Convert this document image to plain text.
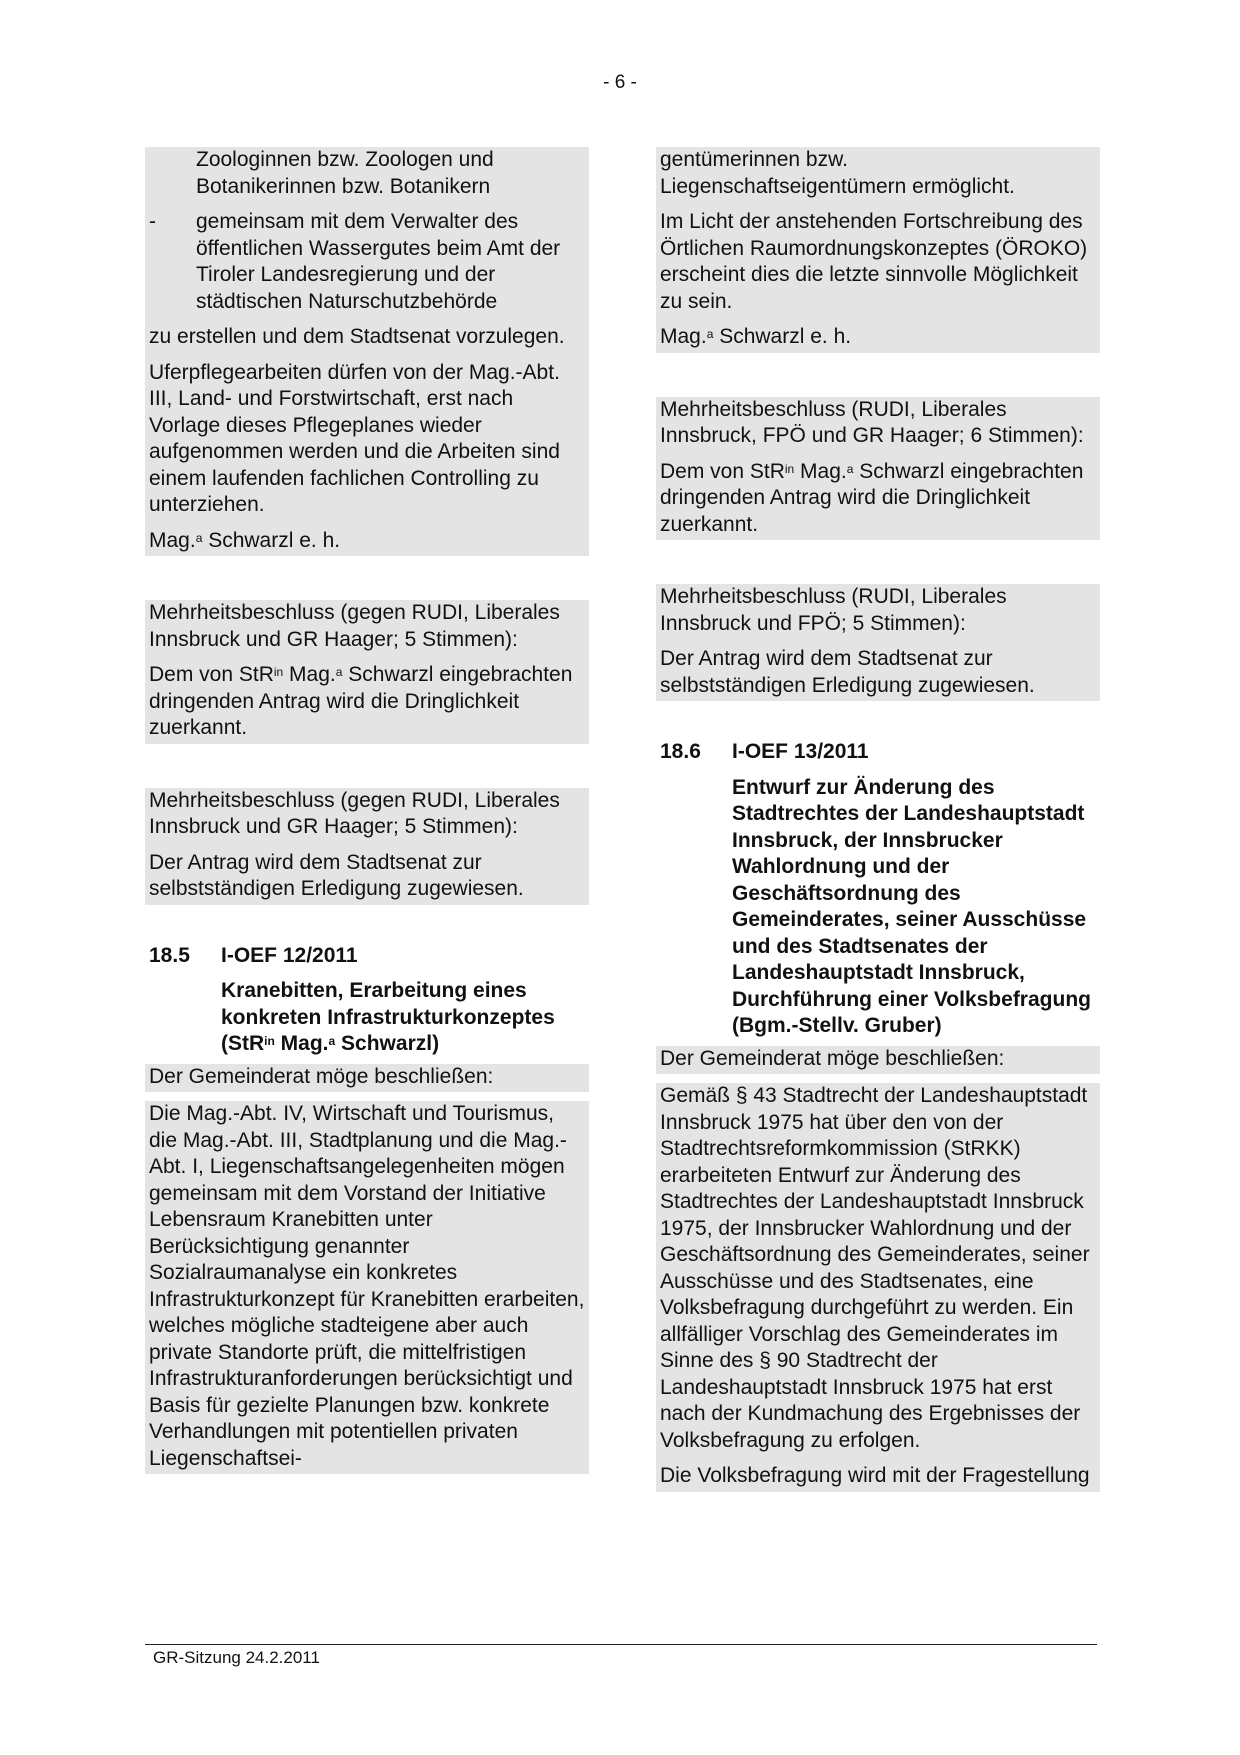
- 6 -

Zoologinnen bzw. Zoologen und Botanikerinnen bzw. Botanikern

- gemeinsam mit dem Verwalter des öffentlichen Wassergutes beim Amt der Tiroler Landesregierung und der städtischen Naturschutzbehörde

zu erstellen und dem Stadtsenat vorzulegen.

Uferpflegearbeiten dürfen von der Mag.-Abt. III, Land- und Forstwirtschaft, erst nach Vorlage dieses Pflegeplanes wieder aufgenommen werden und die Arbeiten sind einem laufenden fachlichen Controlling zu unterziehen.

Mag.$^a$ Schwarzl e. h.

Mehrheitsbeschluss (gegen RUDI, Liberales Innsbruck und GR Haager; 5 Stimmen):

Dem von StR$^{in}$ Mag.$^a$ Schwarzl eingebrachten dringenden Antrag wird die Dringlichkeit zuerkannt.

Mehrheitsbeschluss (gegen RUDI, Liberales Innsbruck und GR Haager; 5 Stimmen):

Der Antrag wird dem Stadtsenat zur selbstständigen Erledigung zugewiesen.

18.5	I-OEF 12/2011
Kranebitten, Erarbeitung eines konkreten Infrastrukturkonzeptes (StR$^{in}$ Mag.$^a$ Schwarzl)

Der Gemeinderat möge beschließen:

Die Mag.-Abt. IV, Wirtschaft und Tourismus, die Mag.-Abt. III, Stadtplanung und die Mag.-Abt. I, Liegenschaftsangelegenheiten mögen gemeinsam mit dem Vorstand der Initiative Lebensraum Kranebitten unter Berücksichtigung genannter Sozialraumanalyse ein konkretes Infrastrukturkonzept für Kranebitten erarbeiten, welches mögliche stadteigene aber auch private Standorte prüft, die mittelfristigen Infrastrukturanforderungen berücksichtigt und Basis für gezielte Planungen bzw. konkrete Verhandlungen mit potentiellen privaten Liegenschaftsei-

gentümerinnen bzw. Liegenschaftseigentümern ermöglicht.

Im Licht der anstehenden Fortschreibung des Örtlichen Raumordnungskonzeptes (ÖROKO) erscheint dies die letzte sinnvolle Möglichkeit zu sein.

Mag.$^a$ Schwarzl e. h.

Mehrheitsbeschluss (RUDI, Liberales Innsbruck, FPÖ und GR Haager; 6 Stimmen):

Dem von StR$^{in}$ Mag.$^a$ Schwarzl eingebrachten dringenden Antrag wird die Dringlichkeit zuerkannt.

Mehrheitsbeschluss (RUDI, Liberales Innsbruck und FPÖ; 5 Stimmen):

Der Antrag wird dem Stadtsenat zur selbstständigen Erledigung zugewiesen.

18.6	I-OEF 13/2011
Entwurf zur Änderung des Stadtrechtes der Landeshauptstadt Innsbruck, der Innsbrucker Wahlordnung und der Geschäftsordnung des Gemeinderates, seiner Ausschüsse und des Stadtsenates der Landeshauptstadt Innsbruck, Durchführung einer Volksbefragung (Bgm.-Stellv. Gruber)

Der Gemeinderat möge beschließen:

Gemäß § 43 Stadtrecht der Landeshauptstadt Innsbruck 1975 hat über den von der Stadtrechtsreformkommission (StRKK) erarbeiteten Entwurf zur Änderung des Stadtrechtes der Landeshauptstadt Innsbruck 1975, der Innsbrucker Wahlordnung und der Geschäftsordnung des Gemeinderates, seiner Ausschüsse und des Stadtsenates, eine Volksbefragung durchgeführt zu werden. Ein allfälliger Vorschlag des Gemeinderates im Sinne des § 90 Stadtrecht der Landeshauptstadt Innsbruck 1975 hat erst nach der Kundmachung des Ergebnisses der Volksbefragung zu erfolgen.

Die Volksbefragung wird mit der Fragestellung

GR-Sitzung 24.2.2011
